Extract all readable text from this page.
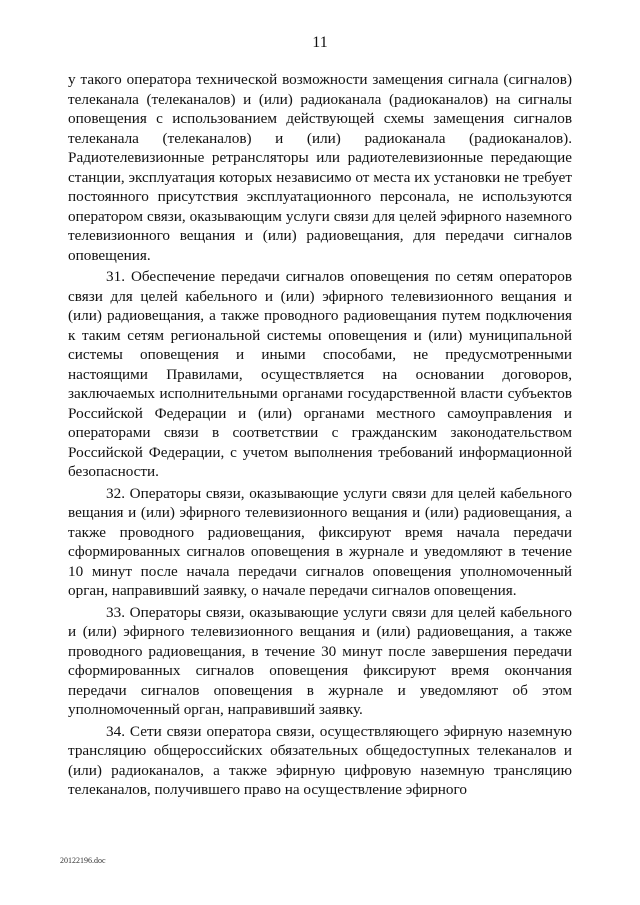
11

у такого оператора технической возможности замещения сигнала (сигналов) телеканала (телеканалов) и (или) радиоканала (радиоканалов) на сигналы оповещения с использованием действующей схемы замещения сигналов телеканала (телеканалов) и (или) радиоканала (радиоканалов). Радиотелевизионные ретрансляторы или радиотелевизионные передающие станции, эксплуатация которых независимо от места их установки не требует постоянного присутствия эксплуатационного персонала, не используются оператором связи, оказывающим услуги связи для целей эфирного наземного телевизионного вещания и (или) радиовещания, для передачи сигналов оповещения.

31. Обеспечение передачи сигналов оповещения по сетям операторов связи для целей кабельного и (или) эфирного телевизионного вещания и (или) радиовещания, а также проводного радиовещания путем подключения к таким сетям региональной системы оповещения и (или) муниципальной системы оповещения и иными способами, не предусмотренными настоящими Правилами, осуществляется на основании договоров, заключаемых исполнительными органами государственной власти субъектов Российской Федерации и (или) органами местного самоуправления и операторами связи в соответствии с гражданским законодательством Российской Федерации, с учетом выполнения требований информационной безопасности.

32. Операторы связи, оказывающие услуги связи для целей кабельного вещания и (или) эфирного телевизионного вещания и (или) радиовещания, а также проводного радиовещания, фиксируют время начала передачи сформированных сигналов оповещения в журнале и уведомляют в течение 10 минут после начала передачи сигналов оповещения уполномоченный орган, направивший заявку, о начале передачи сигналов оповещения.

33. Операторы связи, оказывающие услуги связи для целей кабельного и (или) эфирного телевизионного вещания и (или) радиовещания, а также проводного радиовещания, в течение 30 минут после завершения передачи сформированных сигналов оповещения фиксируют время окончания передачи сигналов оповещения в журнале и уведомляют об этом уполномоченный орган, направивший заявку.

34. Сети связи оператора связи, осуществляющего эфирную наземную трансляцию общероссийских обязательных общедоступных телеканалов и (или) радиоканалов, а также эфирную цифровую наземную трансляцию телеканалов, получившего право на осуществление эфирного

20122196.doc
